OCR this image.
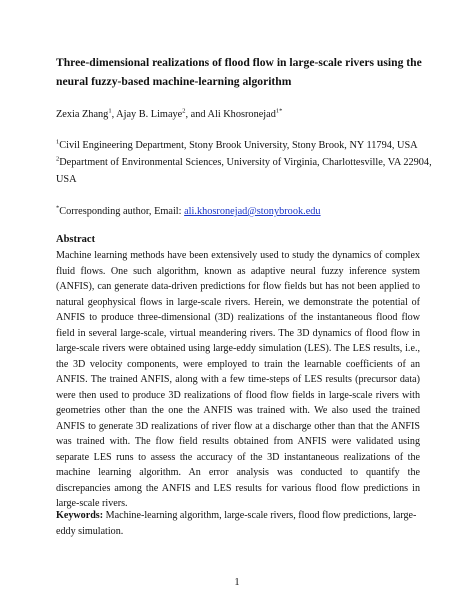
Three-dimensional realizations of flood flow in large-scale rivers using the neural fuzzy-based machine-learning algorithm
Zexia Zhang$^1$, Ajay B. Limaye$^2$, and Ali Khosronejad$^{1*}$
$^1$Civil Engineering Department, Stony Brook University, Stony Brook, NY 11794, USA
$^2$Department of Environmental Sciences, University of Virginia, Charlottesville, VA 22904, USA
*Corresponding author, Email: ali.khosronejad@stonybrook.edu
Abstract

Machine learning methods have been extensively used to study the dynamics of complex fluid flows. One such algorithm, known as adaptive neural fuzzy inference system (ANFIS), can generate data-driven predictions for flow fields but has not been applied to natural geophysical flows in large-scale rivers. Herein, we demonstrate the potential of ANFIS to produce three-dimensional (3D) realizations of the instantaneous flood flow field in several large-scale, virtual meandering rivers. The 3D dynamics of flood flow in large-scale rivers were obtained using large-eddy simulation (LES). The LES results, i.e., the 3D velocity components, were employed to train the learnable coefficients of an ANFIS. The trained ANFIS, along with a few time-steps of LES results (precursor data) were then used to produce 3D realizations of flood flow fields in large-scale rivers with geometries other than the one the ANFIS was trained with. We also used the trained ANFIS to generate 3D realizations of river flow at a discharge other than that the ANFIS was trained with. The flow field results obtained from ANFIS were validated using separate LES runs to assess the accuracy of the 3D instantaneous realizations of the machine learning algorithm. An error analysis was conducted to quantify the discrepancies among the ANFIS and LES results for various flood flow predictions in large-scale rivers.

Keywords: Machine-learning algorithm, large-scale rivers, flood flow predictions, large-eddy simulation.

1
